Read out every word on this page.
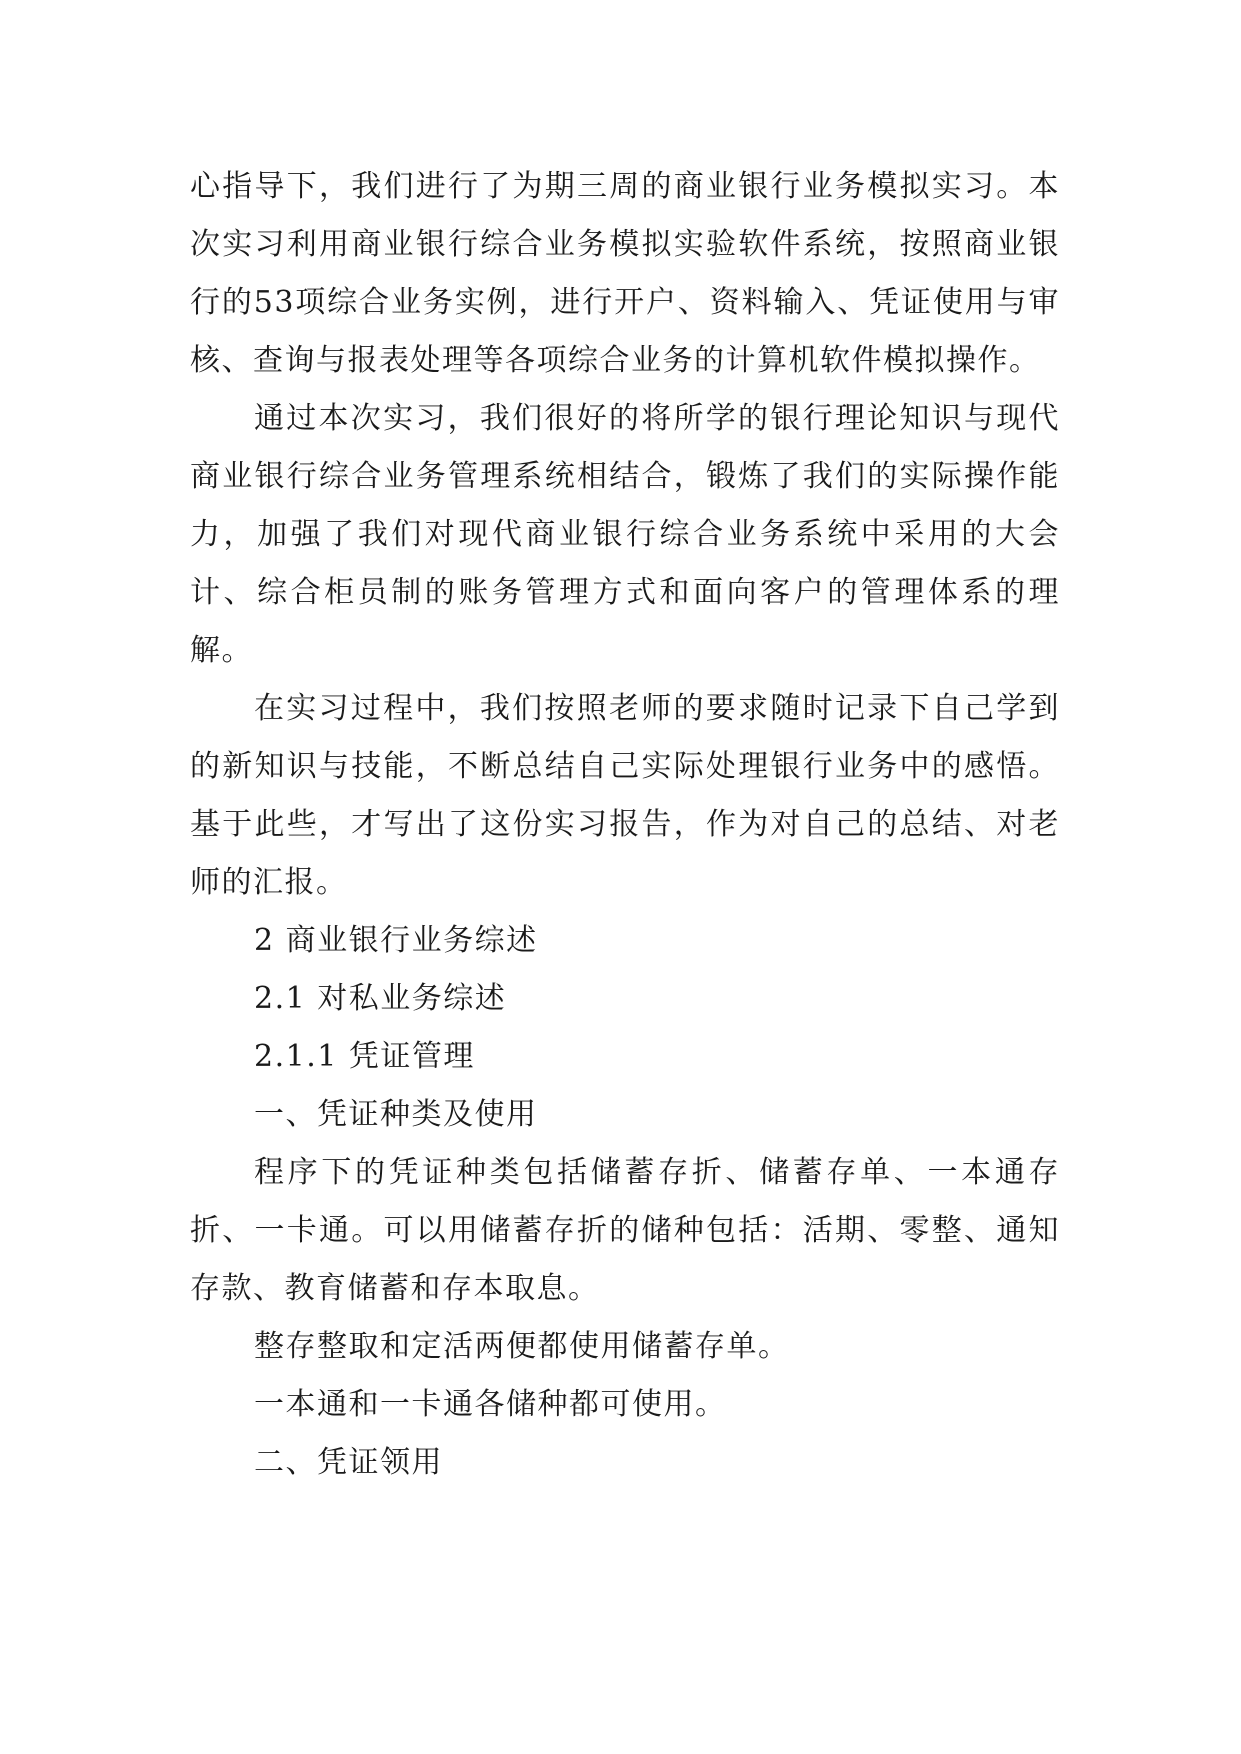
心指导下，我们进行了为期三周的商业银行业务模拟实习。本次实习利用商业银行综合业务模拟实验软件系统，按照商业银行的53项综合业务实例，进行开户、资料输入、凭证使用与审核、查询与报表处理等各项综合业务的计算机软件模拟操作。

通过本次实习，我们很好的将所学的银行理论知识与现代商业银行综合业务管理系统相结合，锻炼了我们的实际操作能力，加强了我们对现代商业银行综合业务系统中采用的大会计、综合柜员制的账务管理方式和面向客户的管理体系的理解。

在实习过程中，我们按照老师的要求随时记录下自己学到的新知识与技能，不断总结自己实际处理银行业务中的感悟。基于此些，才写出了这份实习报告，作为对自己的总结、对老师的汇报。

2 商业银行业务综述

2.1 对私业务综述

2.1.1 凭证管理

一、凭证种类及使用

程序下的凭证种类包括储蓄存折、储蓄存单、一本通存折、一卡通。可以用储蓄存折的储种包括：活期、零整、通知存款、教育储蓄和存本取息。

整存整取和定活两便都使用储蓄存单。

一本通和一卡通各储种都可使用。

二、凭证领用
